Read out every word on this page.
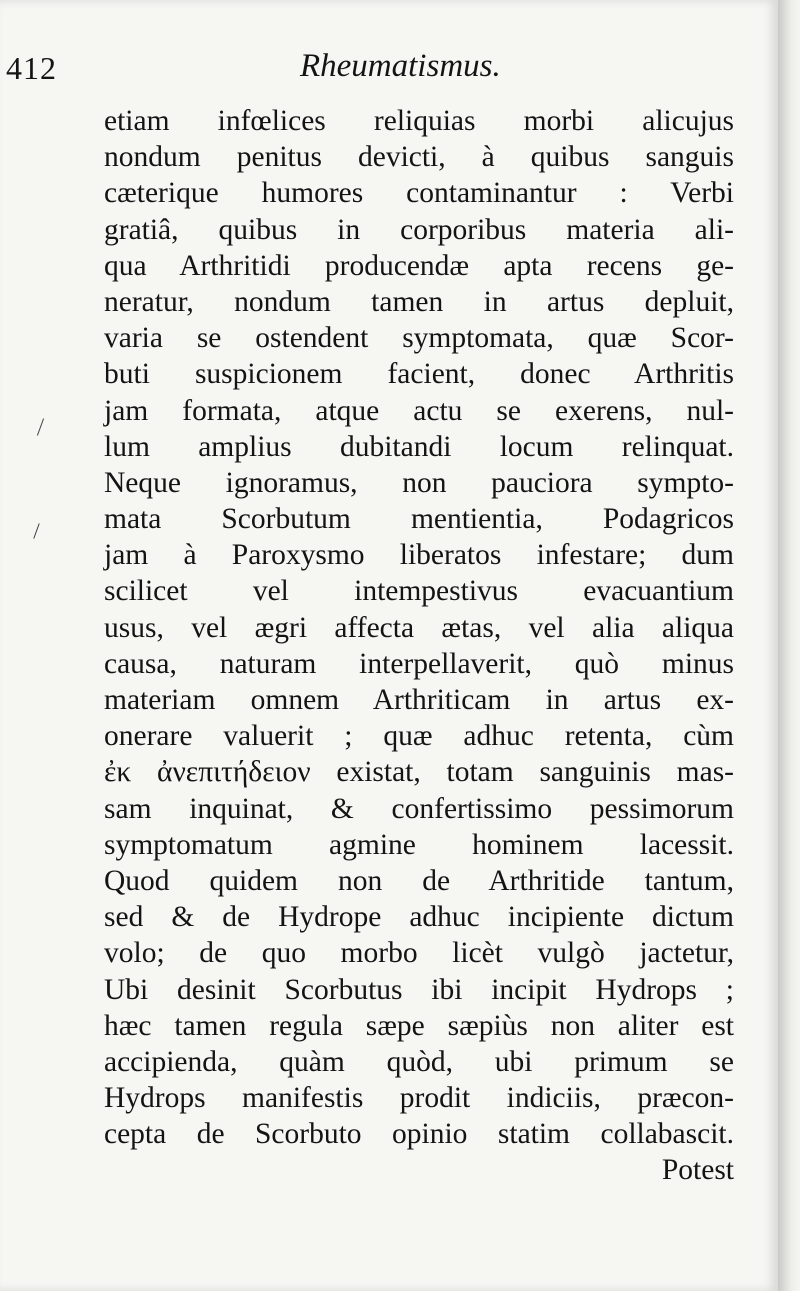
412	Rheumatismus.
etiam infœlices reliquias morbi alicujus
nondum penitus devicti, à quibus sanguis
cæterique humores contaminantur : Verbi
gratiâ, quibus in corporibus materia ali-
qua Arthritidi producendæ apta recens ge-
neratur, nondum tamen in artus depluit,
varia se ostendent symptomata, quæ Scor-
buti suspicionem facient, donec Arthritis
jam formata, atque actu se exerens, nul-
lum amplius dubitandi locum relinquat.
Neque ignoramus, non pauciora sympto-
mata Scorbutum mentientia, Podagricos
jam à Paroxysmo liberatos infestare; dum
scilicet vel intempestivus evacuantium
usus, vel ægri affecta ætas, vel alia aliqua
causa, naturam interpellaverit, quò minus
materiam omnem Arthriticam in artus ex-
onerare valuerit ; quæ adhuc retenta, cùm
ἐκ ἀνεπιτήδειον existat, totam sanguinis mas-
sam inquinat, & confertissimo pessimorum
symptomatum agmine hominem lacessit.
Quod quidem non de Arthritide tantum,
sed & de Hydrope adhuc incipiente dictum
volo; de quo morbo licèt vulgò jactetur,
Ubi desinit Scorbutus ibi incipit Hydrops ;
hæc tamen regula sæpe sæpiùs non aliter est
accipienda, quàm quòd, ubi primum se
Hydrops manifestis prodit indiciis, præcon-
cepta de Scorbuto opinio statim collabascit.
Potest
